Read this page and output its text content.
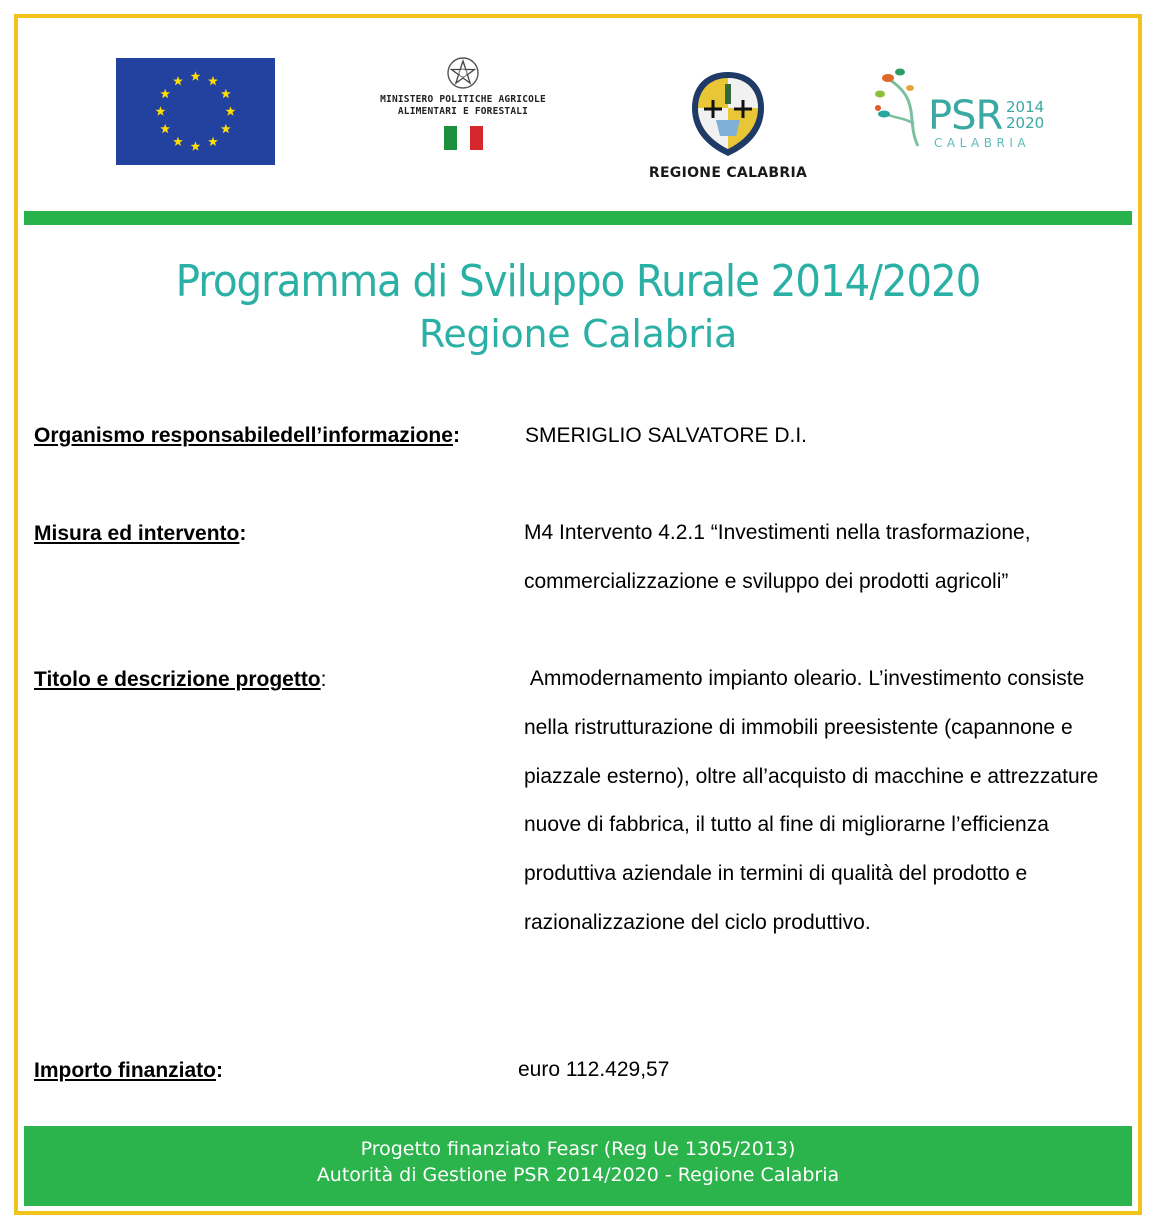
MINISTERO POLITICHE AGRICOLE
ALIMENTARI E FORESTALI
REGIONE CALABRIA
PSR 2014
2020
CALABRIA
Programma di Sviluppo Rurale 2014/2020
Regione Calabria
Organismo responsabiledell’informazione:	SMERIGLIO SALVATORE D.I.
Misura ed intervento:	M4 Intervento 4.2.1 “Investimenti nella trasformazione, commercializzazione e sviluppo dei prodotti agricoli”
Titolo e descrizione progetto:	Ammodernamento impianto oleario. L’investimento consiste nella ristrutturazione di immobili preesistente (capannone e piazzale esterno), oltre all’acquisto di macchine e attrezzature nuove di fabbrica, il tutto al fine di migliorarne l’efficienza produttiva aziendale in termini di qualità del prodotto e razionalizzazione del ciclo produttivo.
Importo finanziato:	euro 112.429,57
Progetto finanziato Feasr (Reg Ue 1305/2013)
Autorità di Gestione PSR 2014/2020 - Regione Calabria
